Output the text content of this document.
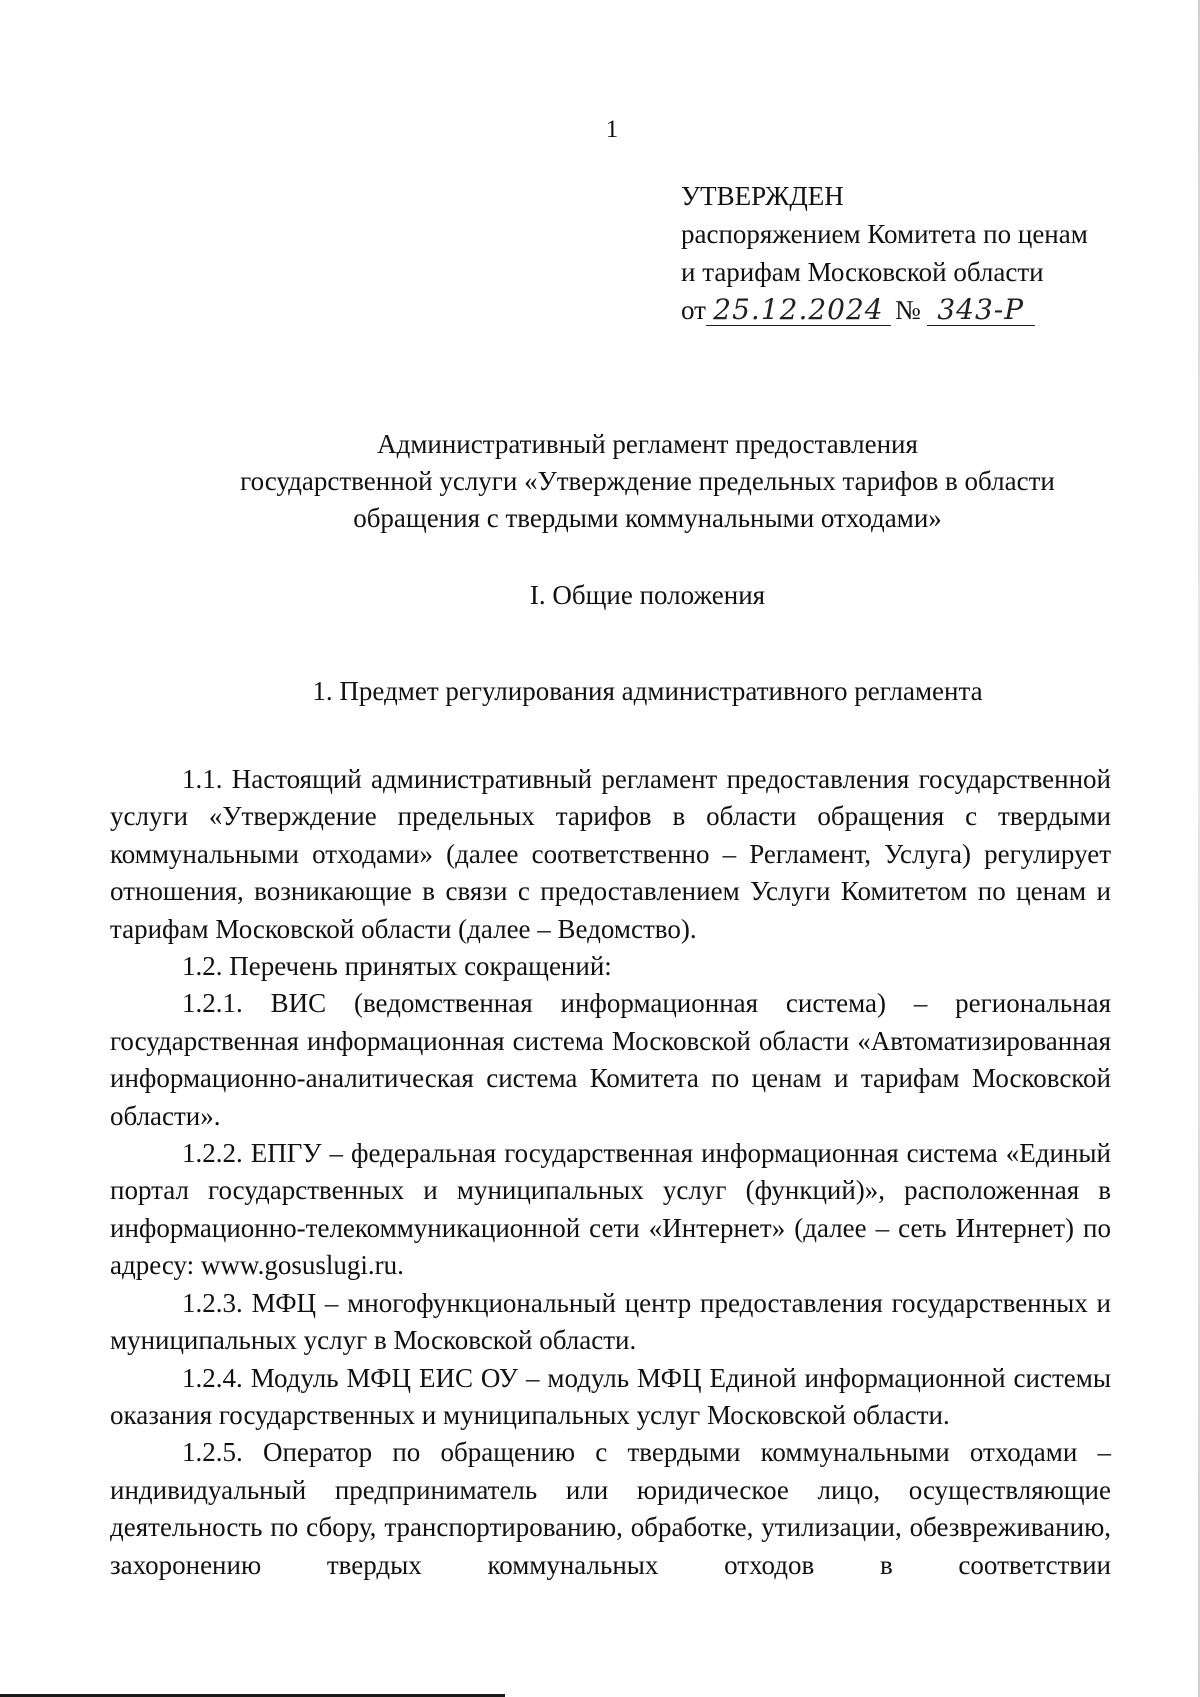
1
УТВЕРЖДЕН
распоряжением Комитета по ценам
и тарифам Московской области
от 25.12.2024 № 343-Р
Административный регламент предоставления
государственной услуги «Утверждение предельных тарифов в области
обращения с твердыми коммунальными отходами»
I. Общие положения
1. Предмет регулирования административного регламента

1.1. Настоящий административный регламент предоставления государственной услуги «Утверждение предельных тарифов в области обращения с твердыми коммунальными отходами» (далее соответственно – Регламент, Услуга) регулирует отношения, возникающие в связи с предоставлением Услуги Комитетом по ценам и тарифам Московской области (далее – Ведомство).

1.2. Перечень принятых сокращений:

1.2.1. ВИС (ведомственная информационная система) – региональная государственная информационная система Московской области «Автоматизированная информационно-аналитическая система Комитета по ценам и тарифам Московской области».

1.2.2. ЕПГУ – федеральная государственная информационная система «Единый портал государственных и муниципальных услуг (функций)», расположенная в информационно-телекоммуникационной сети «Интернет» (далее – сеть Интернет) по адресу: www.gosuslugi.ru.

1.2.3. МФЦ – многофункциональный центр предоставления государственных и муниципальных услуг в Московской области.

1.2.4. Модуль МФЦ ЕИС ОУ – модуль МФЦ Единой информационной системы оказания государственных и муниципальных услуг Московской области.

1.2.5. Оператор по обращению с твердыми коммунальными отходами – индивидуальный предприниматель или юридическое лицо, осуществляющие деятельность по сбору, транспортированию, обработке, утилизации, обезвреживанию, захоронению твердых коммунальных отходов в соответствии
